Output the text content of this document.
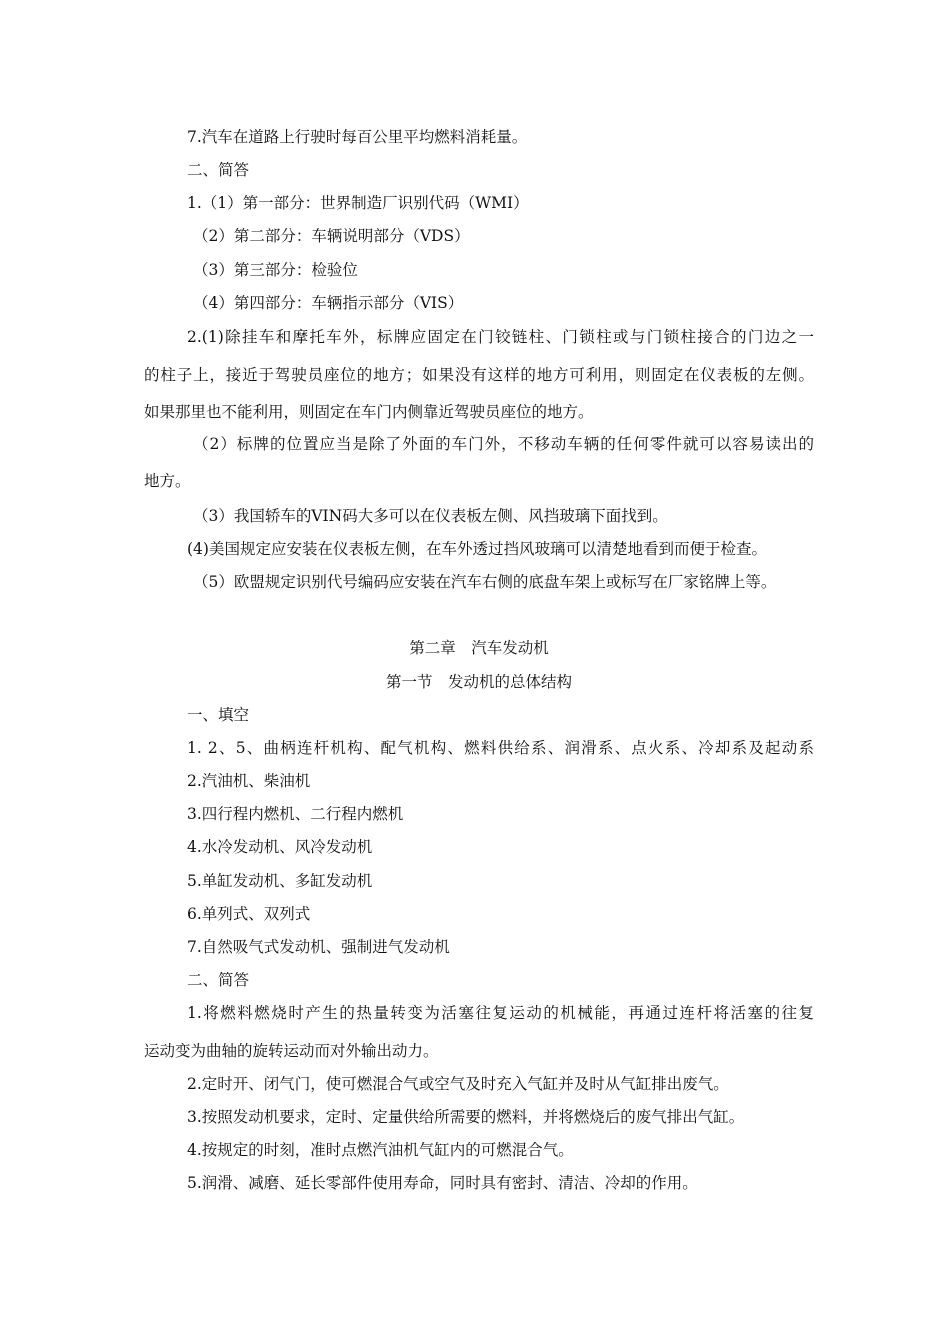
7.汽车在道路上行驶时每百公里平均燃料消耗量。
二、简答
1.（1）第一部分：世界制造厂识别代码（WMI）
（2）第二部分：车辆说明部分（VDS）
（3）第三部分：检验位
（4）第四部分：车辆指示部分（VIS）
2.(1)除挂车和摩托车外，标牌应固定在门铰链柱、门锁柱或与门锁柱接合的门边之一
的柱子上，接近于驾驶员座位的地方；如果没有这样的地方可利用，则固定在仪表板的左侧。
如果那里也不能利用，则固定在车门内侧靠近驾驶员座位的地方。
（2）标牌的位置应当是除了外面的车门外，不移动车辆的任何零件就可以容易读出的
地方。
（3）我国轿车的VIN码大多可以在仪表板左侧、风挡玻璃下面找到。
(4)美国规定应安装在仪表板左侧，在车外透过挡风玻璃可以清楚地看到而便于检查。
（5）欧盟规定识别代号编码应安装在汽车右侧的底盘车架上或标写在厂家铭牌上等。
第二章　汽车发动机
第一节　发动机的总体结构
一、填空
1. 2、5、曲柄连杆机构、配气机构、燃料供给系、润滑系、点火系、冷却系及起动系
2.汽油机、柴油机
3.四行程内燃机、二行程内燃机
4.水冷发动机、风冷发动机
5.单缸发动机、多缸发动机
6.单列式、双列式
7.自然吸气式发动机、强制进气发动机
二、简答
1.将燃料燃烧时产生的热量转变为活塞往复运动的机械能，再通过连杆将活塞的往复
运动变为曲轴的旋转运动而对外输出动力。
2.定时开、闭气门，使可燃混合气或空气及时充入气缸并及时从气缸排出废气。
3.按照发动机要求，定时、定量供给所需要的燃料，并将燃烧后的废气排出气缸。
4.按规定的时刻，准时点燃汽油机气缸内的可燃混合气。
5.润滑、减磨、延长零部件使用寿命，同时具有密封、清洁、冷却的作用。
